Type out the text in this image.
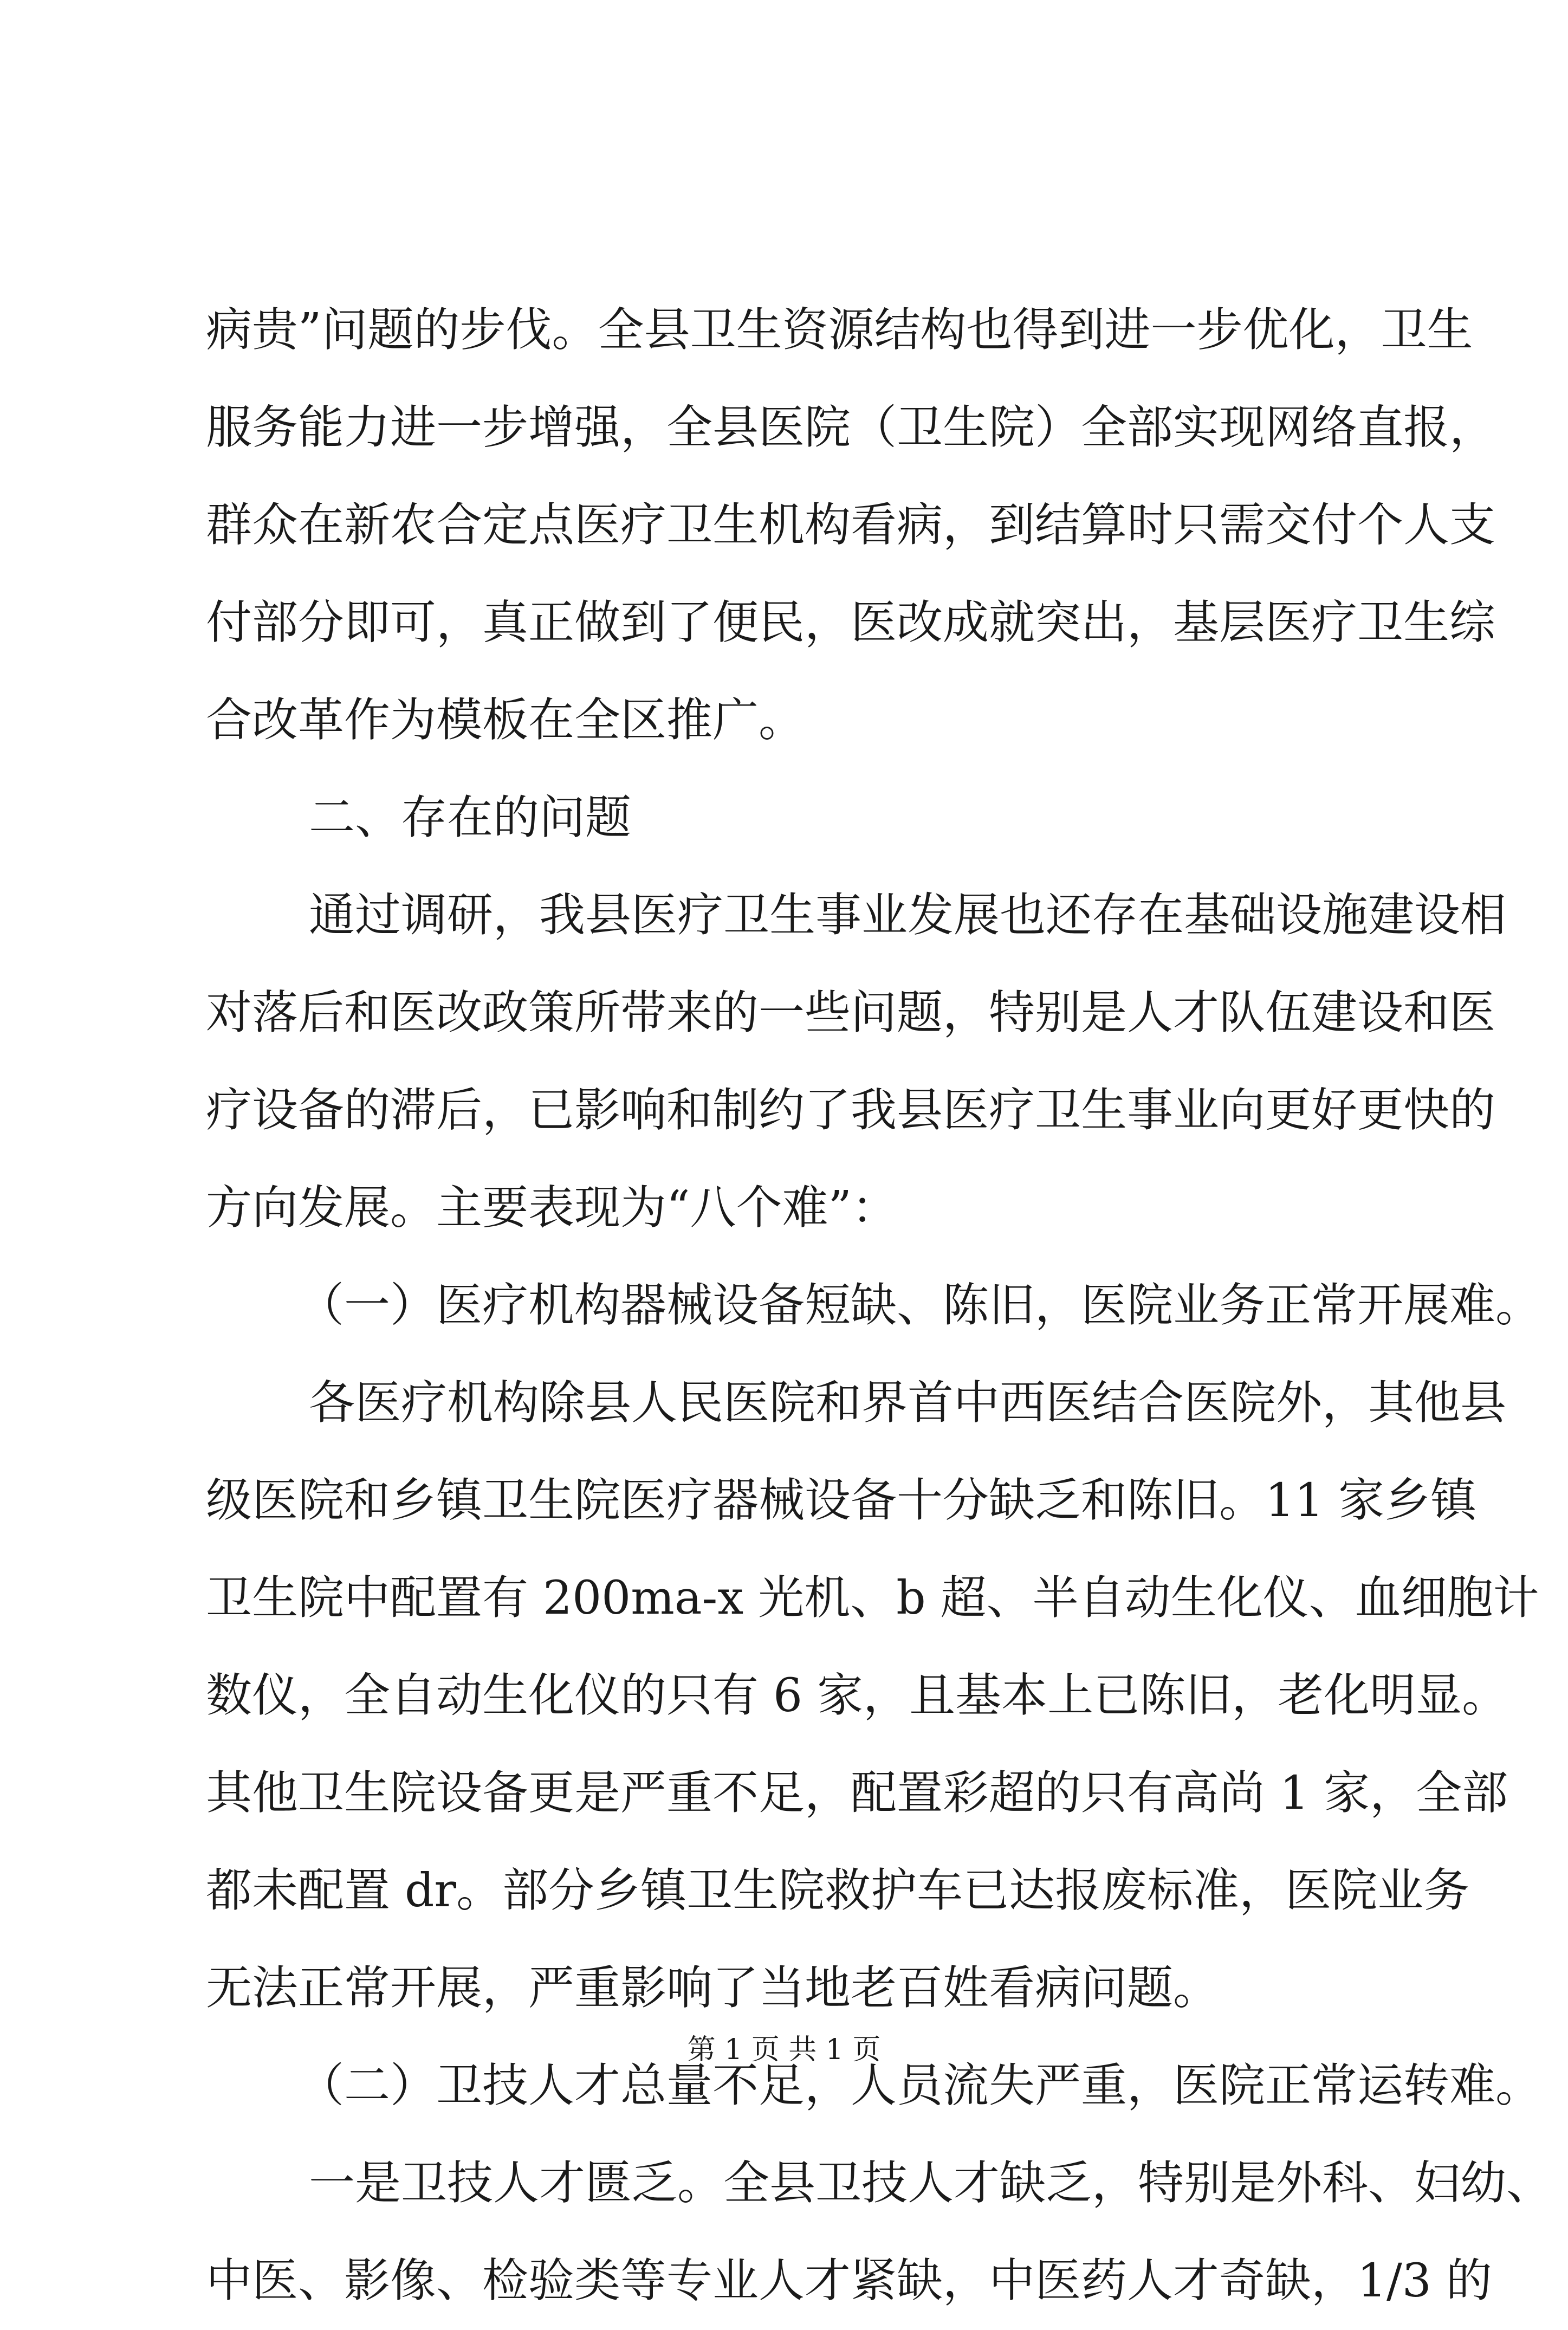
病贵”问题的步伐。全县卫生资源结构也得到进一步优化，卫生
服务能力进一步增强，全县医院（卫生院）全部实现网络直报，
群众在新农合定点医疗卫生机构看病，到结算时只需交付个人支
付部分即可，真正做到了便民，医改成就突出，基层医疗卫生综
合改革作为模板在全区推广。
二、存在的问题
通过调研，我县医疗卫生事业发展也还存在基础设施建设相
对落后和医改政策所带来的一些问题，特别是人才队伍建设和医
疗设备的滞后，已影响和制约了我县医疗卫生事业向更好更快的
方向发展。主要表现为“八个难”：
（一）医疗机构器械设备短缺、陈旧，医院业务正常开展难。
各医疗机构除县人民医院和界首中西医结合医院外，其他县
级医院和乡镇卫生院医疗器械设备十分缺乏和陈旧。11 家乡镇
卫生院中配置有 200ma-x 光机、b 超、半自动生化仪、血细胞计
数仪，全自动生化仪的只有 6 家，且基本上已陈旧，老化明显。
其他卫生院设备更是严重不足，配置彩超的只有高尚 1 家，全部
都未配置 dr。部分乡镇卫生院救护车已达报废标准，医院业务
无法正常开展，严重影响了当地老百姓看病问题。
（二）卫技人才总量不足，人员流失严重，医院正常运转难。
一是卫技人才匮乏。全县卫技人才缺乏，特别是外科、妇幼、
中医、影像、检验类等专业人才紧缺，中医药人才奇缺，1/3 的
第 1 页 共 1 页
